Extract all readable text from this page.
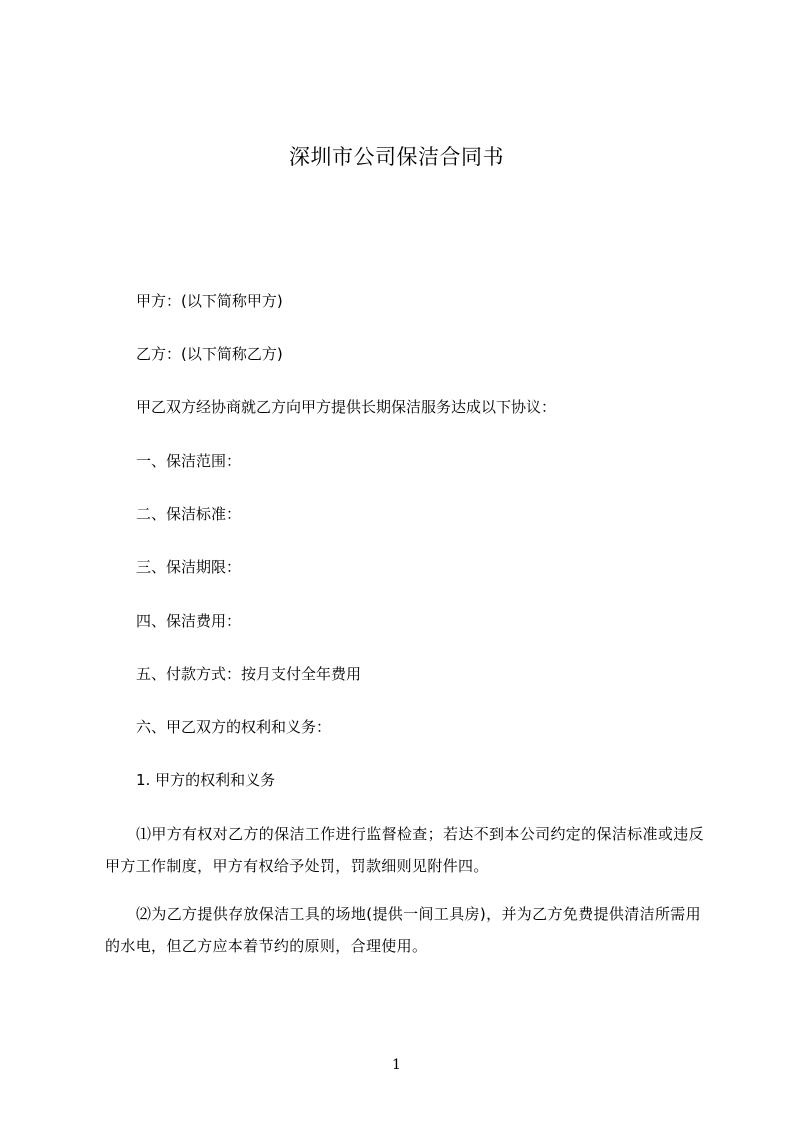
深圳市公司保洁合同书
甲方：(以下简称甲方)
乙方：(以下简称乙方)
甲乙双方经协商就乙方向甲方提供长期保洁服务达成以下协议：
一、保洁范围：
二、保洁标准：
三、保洁期限：
四、保洁费用：
五、付款方式：按月支付全年费用
六、甲乙双方的权利和义务：
1. 甲方的权利和义务
⑴甲方有权对乙方的保洁工作进行监督检查；若达不到本公司约定的保洁标准或违反甲方工作制度，甲方有权给予处罚，罚款细则见附件四。
⑵为乙方提供存放保洁工具的场地(提供一间工具房)，并为乙方免费提供清洁所需用的水电，但乙方应本着节约的原则，合理使用。
1
